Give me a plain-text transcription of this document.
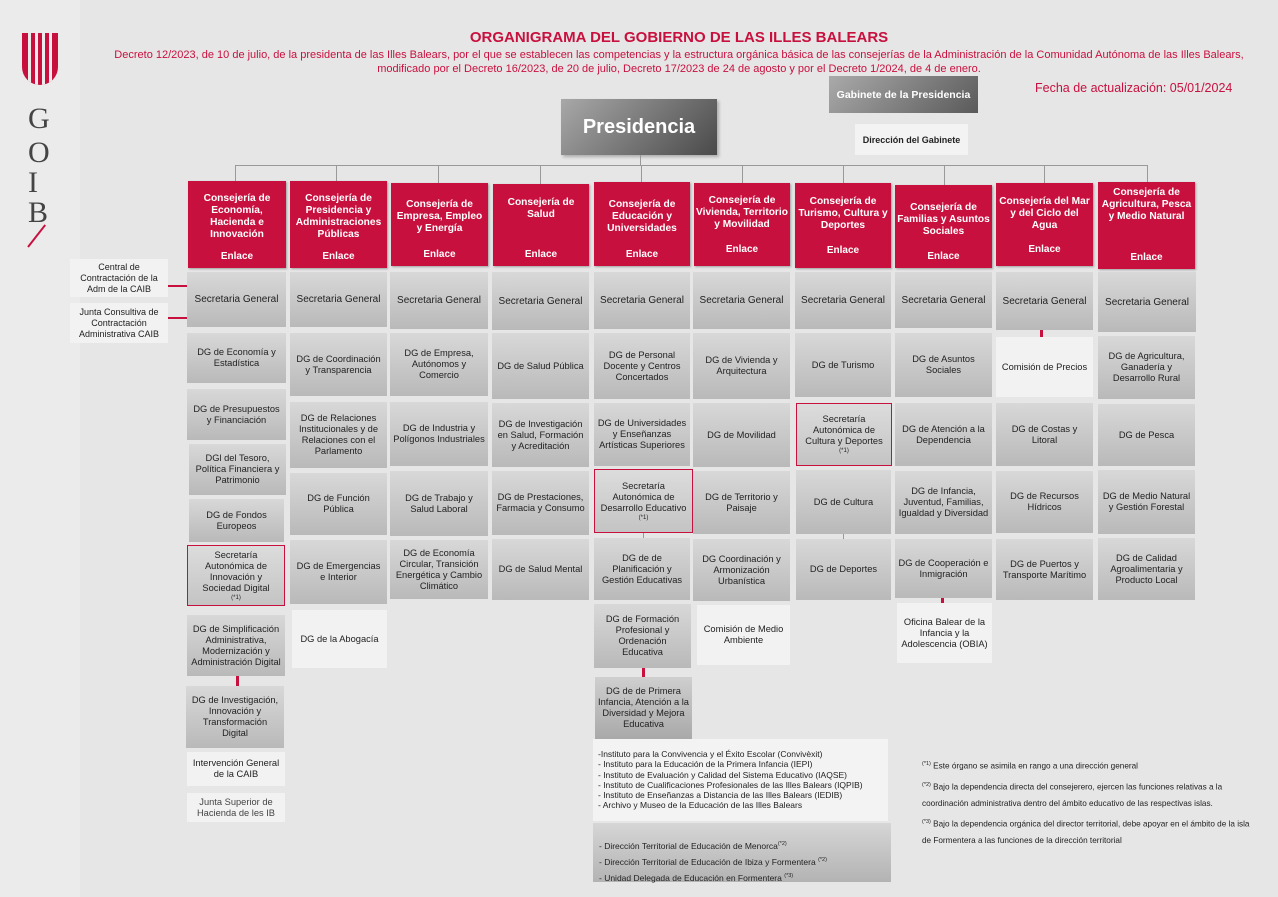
G
O
I
B
ORGANIGRAMA DEL GOBIERNO DE LAS ILLES BALEARS
Decreto 12/2023, de 10 de julio, de la presidenta de las Illes Balears, por el que se establecen las competencias y la estructura orgánica básica de las consejerías de la Administración de la Comunidad Autónoma de las Illes Balears,
modificado por el Decreto 16/2023, de 20 de julio, Decreto 17/2023 de 24 de agosto y por el Decreto 1/2024, de 4 de enero.
Fecha de actualización: 05/01/2024
Presidencia
Gabinete de la Presidencia
Dirección del Gabinete
Consejería de Economía, Hacienda e Innovación
Enlace
Consejería de Presidencia y Administraciones Públicas
Enlace
Consejería de Empresa, Empleo y Energía
Enlace
Consejería de Salud
Enlace
Consejería de Educación y Universidades
Enlace
Consejería de Vivienda, Territorio y Movilidad
Enlace
Consejería de Turismo, Cultura y Deportes
Enlace
Consejería de Familias y Asuntos Sociales
Enlace
Consejería del Mar y del Ciclo del Agua
Enlace
Consejería de Agricultura, Pesca y Medio Natural
Enlace
Central de Contractación de la Adm de la CAIB
Junta Consultiva de Contractación Administrativa CAIB
Secretaria General
DG de Economía y Estadística
DG de Presupuestos y Financiación
DGl del Tesoro, Política Financiera y Patrimonio
DG de Fondos Europeos
Secretaría Autonómica de Innovación y Sociedad Digital
(*1)
DG de Simplificación Administrativa, Modernización y Administración Digital
DG de Investigación, Innovación y Transformación Digital
Intervención General de la CAIB
Junta Superior de Hacienda de les IB
Secretaria General
DG de Coordinación y Transparencia
DG de Relaciones Institucionales y de Relaciones con el Parlamento
DG de Función Pública
DG de Emergencias e Interior
DG de la Abogacía
Secretaria General
DG de Empresa, Autónomos y Comercio
DG de Industria y Polígonos Industriales
DG de Trabajo y Salud Laboral
DG de Economía Circular, Transición Energética y Cambio Climático
Secretaria General
DG de Salud Pública
DG de Investigación en Salud, Formación y Acreditación
DG de Prestaciones, Farmacia y Consumo
DG de Salud Mental
Secretaria General
DG de Personal Docente y Centros Concertados
DG de Universidades y Enseñanzas Artísticas Superiores
Secretaría Autonómica de Desarrollo Educativo
(*1)
DG de de Planificación y Gestión Educativas
DG de Formación Profesional y Ordenación Educativa
DG de de Primera Infancia, Atención a la Diversidad y Mejora Educativa
Secretaria General
DG de Vivienda y Arquitectura
DG de Movilidad
DG de Territorio y Paisaje
DG Coordinación y Armonización Urbanística
Comisión de Medio Ambiente
Secretaria General
DG de Turismo
Secretaría Autonómica de Cultura y Deportes
(*1)
DG de Cultura
DG de Deportes
Secretaria General
DG de Asuntos Sociales
DG de Atención a la Dependencia
DG de Infancia, Juventud, Familias, Igualdad y Diversidad
DG de Cooperación e Inmigración
Oficina Balear de la Infancia y la Adolescencia (OBIA)
Secretaria General
Comisión de Precios
DG de Costas y Litoral
DG de Recursos Hídricos
DG de Puertos y Transporte Marítimo
Secretaria General
DG de Agricultura, Ganadería y Desarrollo Rural
DG de Pesca
DG de Medio Natural y Gestión Forestal
DG de Calidad Agroalimentaria y Producto Local
-Instituto para la Convivencia y el Éxito Escolar (Convivèxit)
- Instituto para la Educación de la Primera Infancia (IEPI)
- Instituto de Evaluación y Calidad del Sistema Educativo (IAQSE)
- Instituto de Cualificaciones Profesionales de las Illes Balears (IQPIB)
- Instituto de Enseñanzas a Distancia de las Illes Balears (IEDIB)
- Archivo y Museo de la Educación de las Illes Balears
- Dirección Territorial de Educación de Menorca$^{(*2)}$
- Dirección Territorial de Educación de Ibiza y Formentera $^{(*2)}$
- Unidad Delegada de Educación en Formentera $^{(*3)}$
$^{(*1)}$ Este órgano se asimila en rango a una dirección general
$^{(*2)}$ Bajo la dependencia directa del consejerero, ejercen las funciones relativas a la coordinación administrativa dentro del ámbito educativo de las respectivas islas.
$^{(*3)}$ Bajo la dependencia orgánica del director territorial, debe apoyar en el ámbito de la isla de Formentera a las funciones de la dirección territorial
